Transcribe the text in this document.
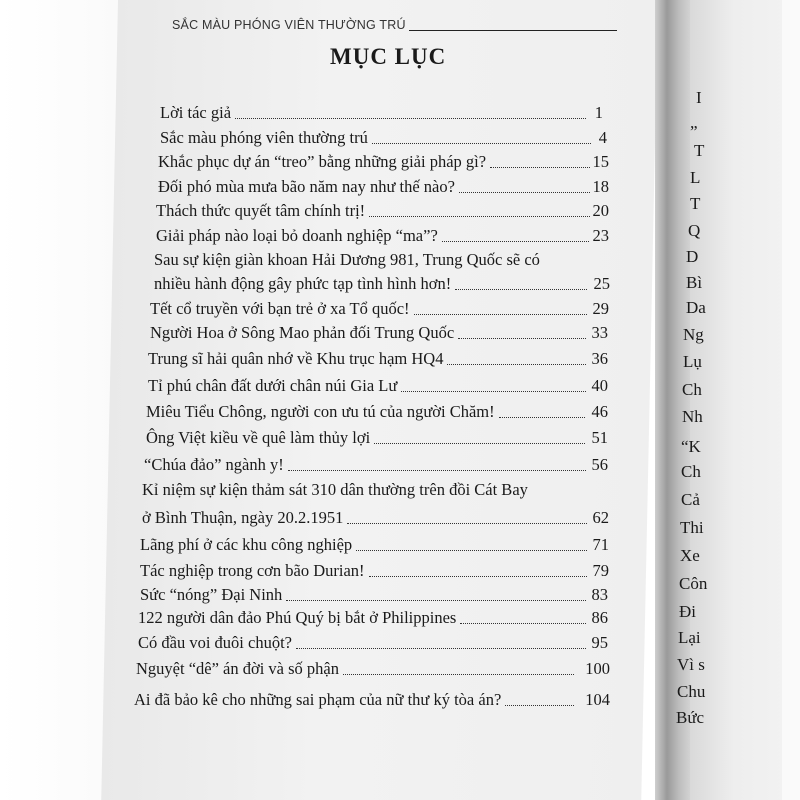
SẮC MÀU PHÓNG VIÊN THƯỜNG TRÚ
MỤC LỤC
Lời tác giả	1
Sắc màu phóng viên thường trú	4
Khắc phục dự án “treo” bằng những giải pháp gì?	15
Đối phó mùa mưa bão năm nay như thế nào?	18
Thách thức quyết tâm chính trị!	20
Giải pháp nào loại bỏ doanh nghiệp “ma”?	23
Sau sự kiện giàn khoan Hải Dương 981, Trung Quốc sẽ có
nhiều hành động gây phức tạp tình hình hơn!	25
Tết cổ truyền với bạn trẻ ở xa Tổ quốc!	29
Người Hoa ở Sông Mao phản đối Trung Quốc	33
Trung sĩ hải quân nhớ về Khu trục hạm HQ4	36
Tỉ phú chân đất dưới chân núi Gia Lư	40
Miêu Tiểu Chông, người con ưu tú của người Chăm!	46
Ông Việt kiều về quê làm thủy lợi	51
“Chúa đảo” ngành y!	56
Kỉ niệm sự kiện thảm sát 310 dân thường trên đồi Cát Bay
ở Bình Thuận, ngày 20.2.1951	62
Lãng phí ở các khu công nghiệp	71
Tác nghiệp trong cơn bão Durian!	79
Sức “nóng” Đại Ninh	83
122 người dân đảo Phú Quý bị bắt ở Philippines	86
Có đầu voi đuôi chuột?	95
Nguyệt “dê” án đời và số phận	100
Ai đã bảo kê cho những sai phạm của nữ thư ký tòa án?	104
I
„
T
L
T
Q
D
Bì
Da
Ng
Lụ
Ch
Nh
“K
Ch
Cả
Thi
Xe
Côn
Đi
Lại
Vì s
Chu
Bức
